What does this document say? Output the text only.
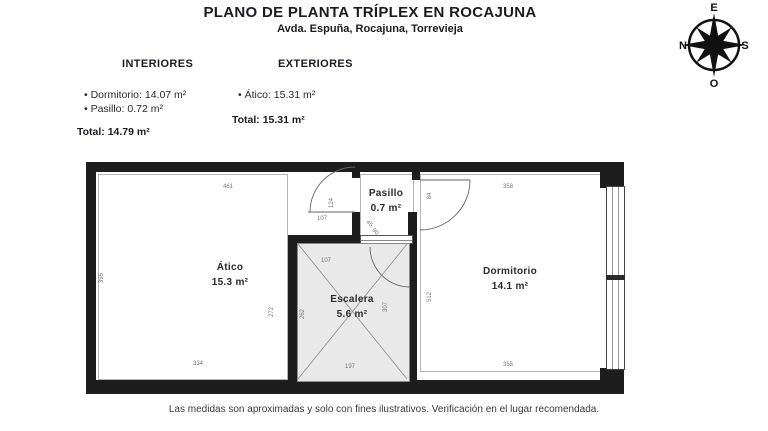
PLANO DE PLANTA TRÍPLEX EN ROCAJUNA
Avda. Espuña, Rocajuna, Torrevieja
E
O
N	S
INTERIORES	EXTERIORES
• Dormitorio: 14.07 m²
• Pasillo: 0.72 m²
• Ático: 15.31 m²
Total: 15.31 m²
Total: 14.79 m²
Ático
15.3 m²
Pasillo
0.7 m²
Dormitorio
14.1 m²
Escalera
5.6 m²
461
395
334
272
107
124
45
90
84
358
512
355
107
262
307
197
Las medidas son aproximadas y solo con fines ilustrativos. Verificación en el lugar recomendada.
